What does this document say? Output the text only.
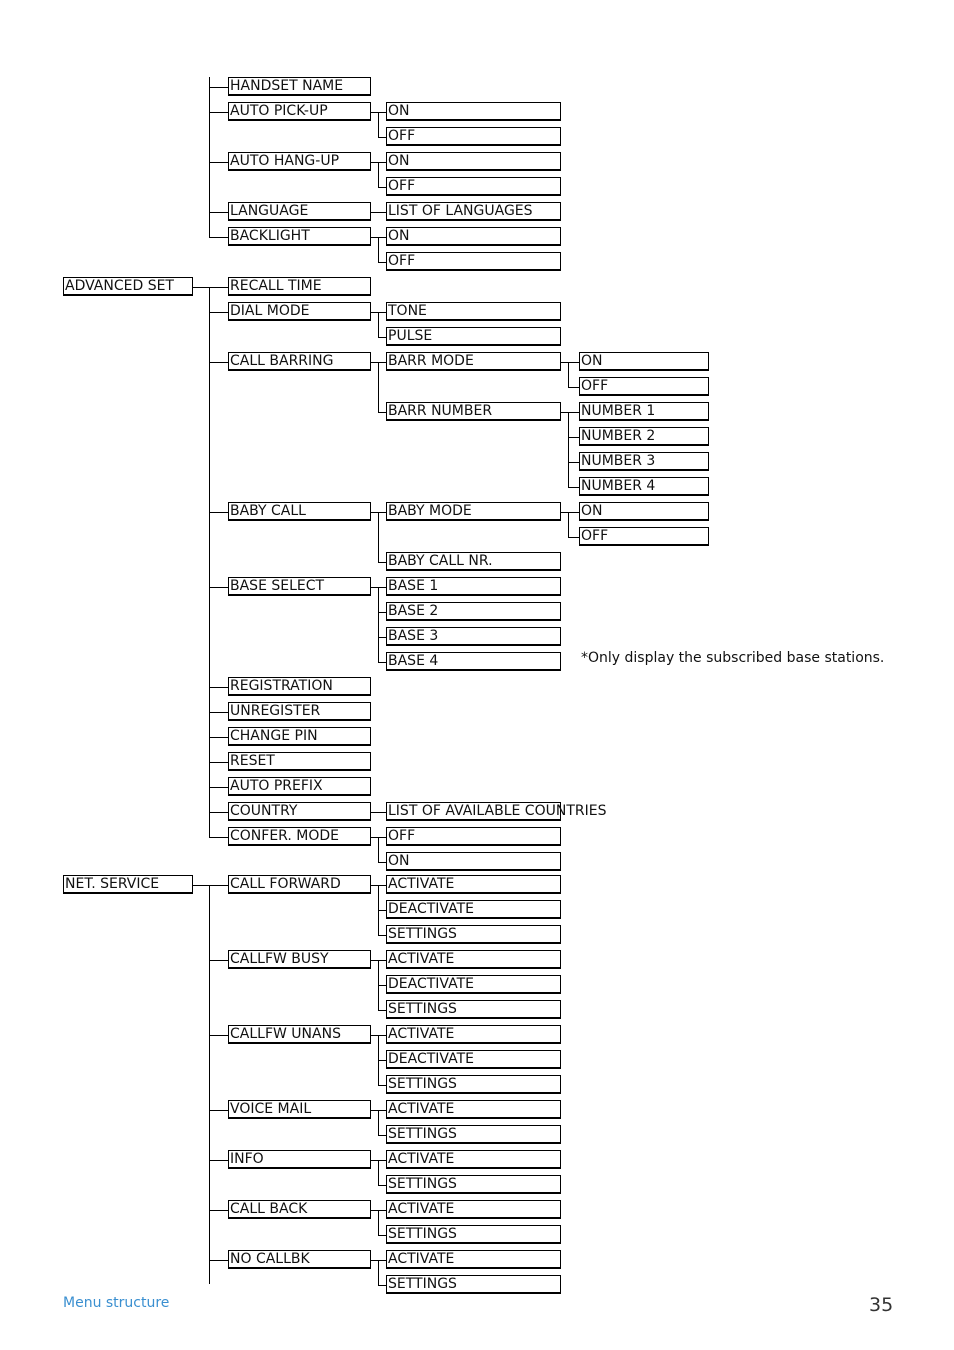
*Only display the subscribed base stations.
Menu structure	35
HANDSET NAME
AUTO PICK-UP	ON
OFF
AUTO HANG-UP	ON
OFF
LANGUAGE	LIST OF LANGUAGES
BACKLIGHT	ON
OFF
ADVANCED SET	RECALL TIME
DIAL MODE	TONE
PULSE
CALL BARRING	BARR MODE	ON
OFF
BARR NUMBER	NUMBER 1
NUMBER 2
NUMBER 3
NUMBER 4
BABY CALL	BABY MODE	ON
OFF
BABY CALL NR.
BASE SELECT	BASE 1
BASE 2
BASE 3
BASE 4
REGISTRATION
UNREGISTER
CHANGE PIN
RESET
AUTO PREFIX
COUNTRY	LIST OF AVAILABLE COUNTRIES
CONFER. MODE	OFF
ON
NET. SERVICE	CALL FORWARD	ACTIVATE
DEACTIVATE
SETTINGS
CALLFW BUSY	ACTIVATE
DEACTIVATE
SETTINGS
CALLFW UNANS	ACTIVATE
DEACTIVATE
SETTINGS
VOICE MAIL	ACTIVATE
SETTINGS
INFO	ACTIVATE
SETTINGS
CALL BACK	ACTIVATE
SETTINGS
NO CALLBK	ACTIVATE
SETTINGS
